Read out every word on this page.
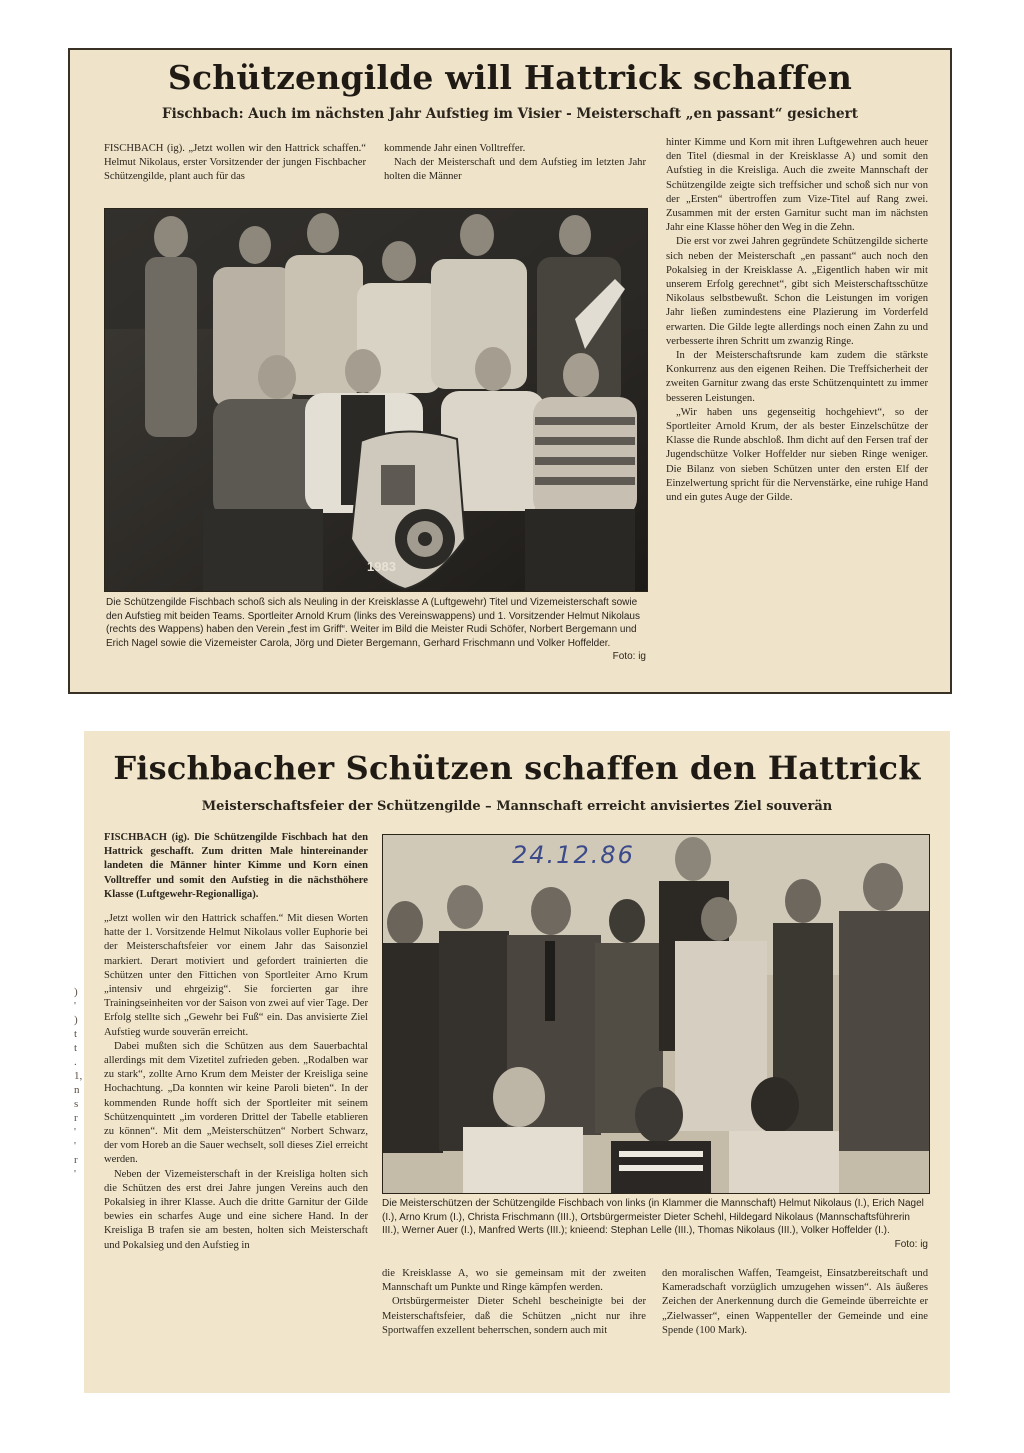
Schützengilde will Hattrick schaffen
Fischbach: Auch im nächsten Jahr Aufstieg im Visier - Meisterschaft „en passant“ gesichert

FISCHBACH (ig). „Jetzt wollen wir den Hattrick schaffen.“ Helmut Nikolaus, erster Vorsitzender der jungen Fischbacher Schützengilde, plant auch für das

kommende Jahr einen Volltreffer.

Nach der Meisterschaft und dem Aufstieg im letzten Jahr holten die Männer

1983
Die Schützengilde Fischbach schoß sich als Neuling in der Kreisklasse A (Luftgewehr) Titel und Vizemeisterschaft sowie den Aufstieg mit beiden Teams. Sportleiter Arnold Krum (links des Vereinswappens) und 1. Vorsitzender Helmut Nikolaus (rechts des Wappens) haben den Verein „fest im Griff“. Weiter im Bild die Meister Rudi Schöfer, Norbert Bergemann und Erich Nagel sowie die Vizemeister Carola, Jörg und Dieter Bergemann, Gerhard Frischmann und Volker Hoffelder.
Foto: ig

hinter Kimme und Korn mit ihren Luftgewehren auch heuer den Titel (diesmal in der Kreisklasse A) und somit den Aufstieg in die Kreisliga. Auch die zweite Mannschaft der Schützengilde zeigte sich treffsicher und schoß sich nur von der „Ersten“ übertroffen zum Vize-Titel auf Rang zwei. Zusammen mit der ersten Garnitur sucht man im nächsten Jahr eine Klasse höher den Weg in die Zehn.

Die erst vor zwei Jahren gegründete Schützengilde sicherte sich neben der Meisterschaft „en passant“ auch noch den Pokalsieg in der Kreisklasse A. „Eigentlich haben wir mit unserem Erfolg gerechnet“, gibt sich Meisterschaftsschütze Nikolaus selbstbewußt. Schon die Leistungen im vorigen Jahr ließen zumindestens eine Plazierung im Vorderfeld erwarten. Die Gilde legte allerdings noch einen Zahn zu und verbesserte ihren Schritt um zwanzig Ringe.

In der Meisterschaftsrunde kam zudem die stärkste Konkurrenz aus den eigenen Reihen. Die Treffsicherheit der zweiten Garnitur zwang das erste Schützenquintett zu immer besseren Leistungen.

„Wir haben uns gegenseitig hochgehievt“, so der Sportleiter Arnold Krum, der als bester Einzelschütze der Klasse die Runde abschloß. Ihm dicht auf den Fersen traf der Jugendschütze Volker Hoffelder nur sieben Ringe weniger. Die Bilanz von sieben Schützen unter den ersten Elf der Einzelwertung spricht für die Nervenstärke, eine ruhige Hand und ein gutes Auge der Gilde.

Fischbacher Schützen schaffen den Hattrick
Meisterschaftsfeier der Schützengilde – Mannschaft erreicht anvisiertes Ziel souverän

FISCHBACH (ig). Die Schützengilde Fischbach hat den Hattrick geschafft. Zum dritten Male hintereinander landeten die Männer hinter Kimme und Korn einen Volltreffer und somit den Aufstieg in die nächsthöhere Klasse (Luftgewehr-Regionalliga).

„Jetzt wollen wir den Hattrick schaffen.“ Mit diesen Worten hatte der 1. Vorsitzende Helmut Nikolaus voller Euphorie bei der Meisterschaftsfeier vor einem Jahr das Saisonziel markiert. Derart motiviert und gefordert trainierten die Schützen unter den Fittichen von Sportleiter Arno Krum „intensiv und ehrgeizig“. Sie forcierten gar ihre Trainingseinheiten vor der Saison von zwei auf vier Tage. Der Erfolg stellte sich „Gewehr bei Fuß“ ein. Das anvisierte Ziel Aufstieg wurde souverän erreicht.

Dabei mußten sich die Schützen aus dem Sauerbachtal allerdings mit dem Vizetitel zufrieden geben. „Rodalben war zu stark“, zollte Arno Krum dem Meister der Kreisliga seine Hochachtung. „Da konnten wir keine Paroli bieten“. In der kommenden Runde hofft sich der Sportleiter mit seinem Schützenquintett „im vorderen Drittel der Tabelle etablieren zu können“. Mit dem „Meisterschützen“ Norbert Schwarz, der vom Horeb an die Sauer wechselt, soll dieses Ziel erreicht werden.

Neben der Vizemeisterschaft in der Kreisliga holten sich die Schützen des erst drei Jahre jungen Vereins auch den Pokalsieg in ihrer Klasse. Auch die dritte Garnitur der Gilde bewies ein scharfes Auge und eine sichere Hand. In der Kreisliga B trafen sie am besten, holten sich Meisterschaft und Pokalsieg und den Aufstieg in

24.12.86
Die Meisterschützen der Schützengilde Fischbach von links (in Klammer die Mannschaft) Helmut Nikolaus (I.), Erich Nagel (I.), Arno Krum (I.), Christa Frischmann (III.), Ortsbürgermeister Dieter Schehl, Hildegard Nikolaus (Mannschaftsführerin III.), Werner Auer (I.), Manfred Werts (III.); knieend: Stephan Lelle (III.), Thomas Nikolaus (III.), Volker Hoffelder (I.).
Foto: ig

die Kreisklasse A, wo sie gemeinsam mit der zweiten Mannschaft um Punkte und Ringe kämpfen werden.

Ortsbürgermeister Dieter Schehl bescheinigte bei der Meisterschaftsfeier, daß die Schützen „nicht nur ihre Sportwaffen exzellent beherrschen, sondern auch mit

den moralischen Waffen, Teamgeist, Einsatzbereitschaft und Kameradschaft vorzüglich umzugehen wissen“. Als äußeres Zeichen der Anerkennung durch die Gemeinde überreichte er „Zielwasser“, einen Wappenteller der Gemeinde und eine Spende (100 Mark).

)
'
)
t
t
.
1,
n
s
r
'
'
r
'
